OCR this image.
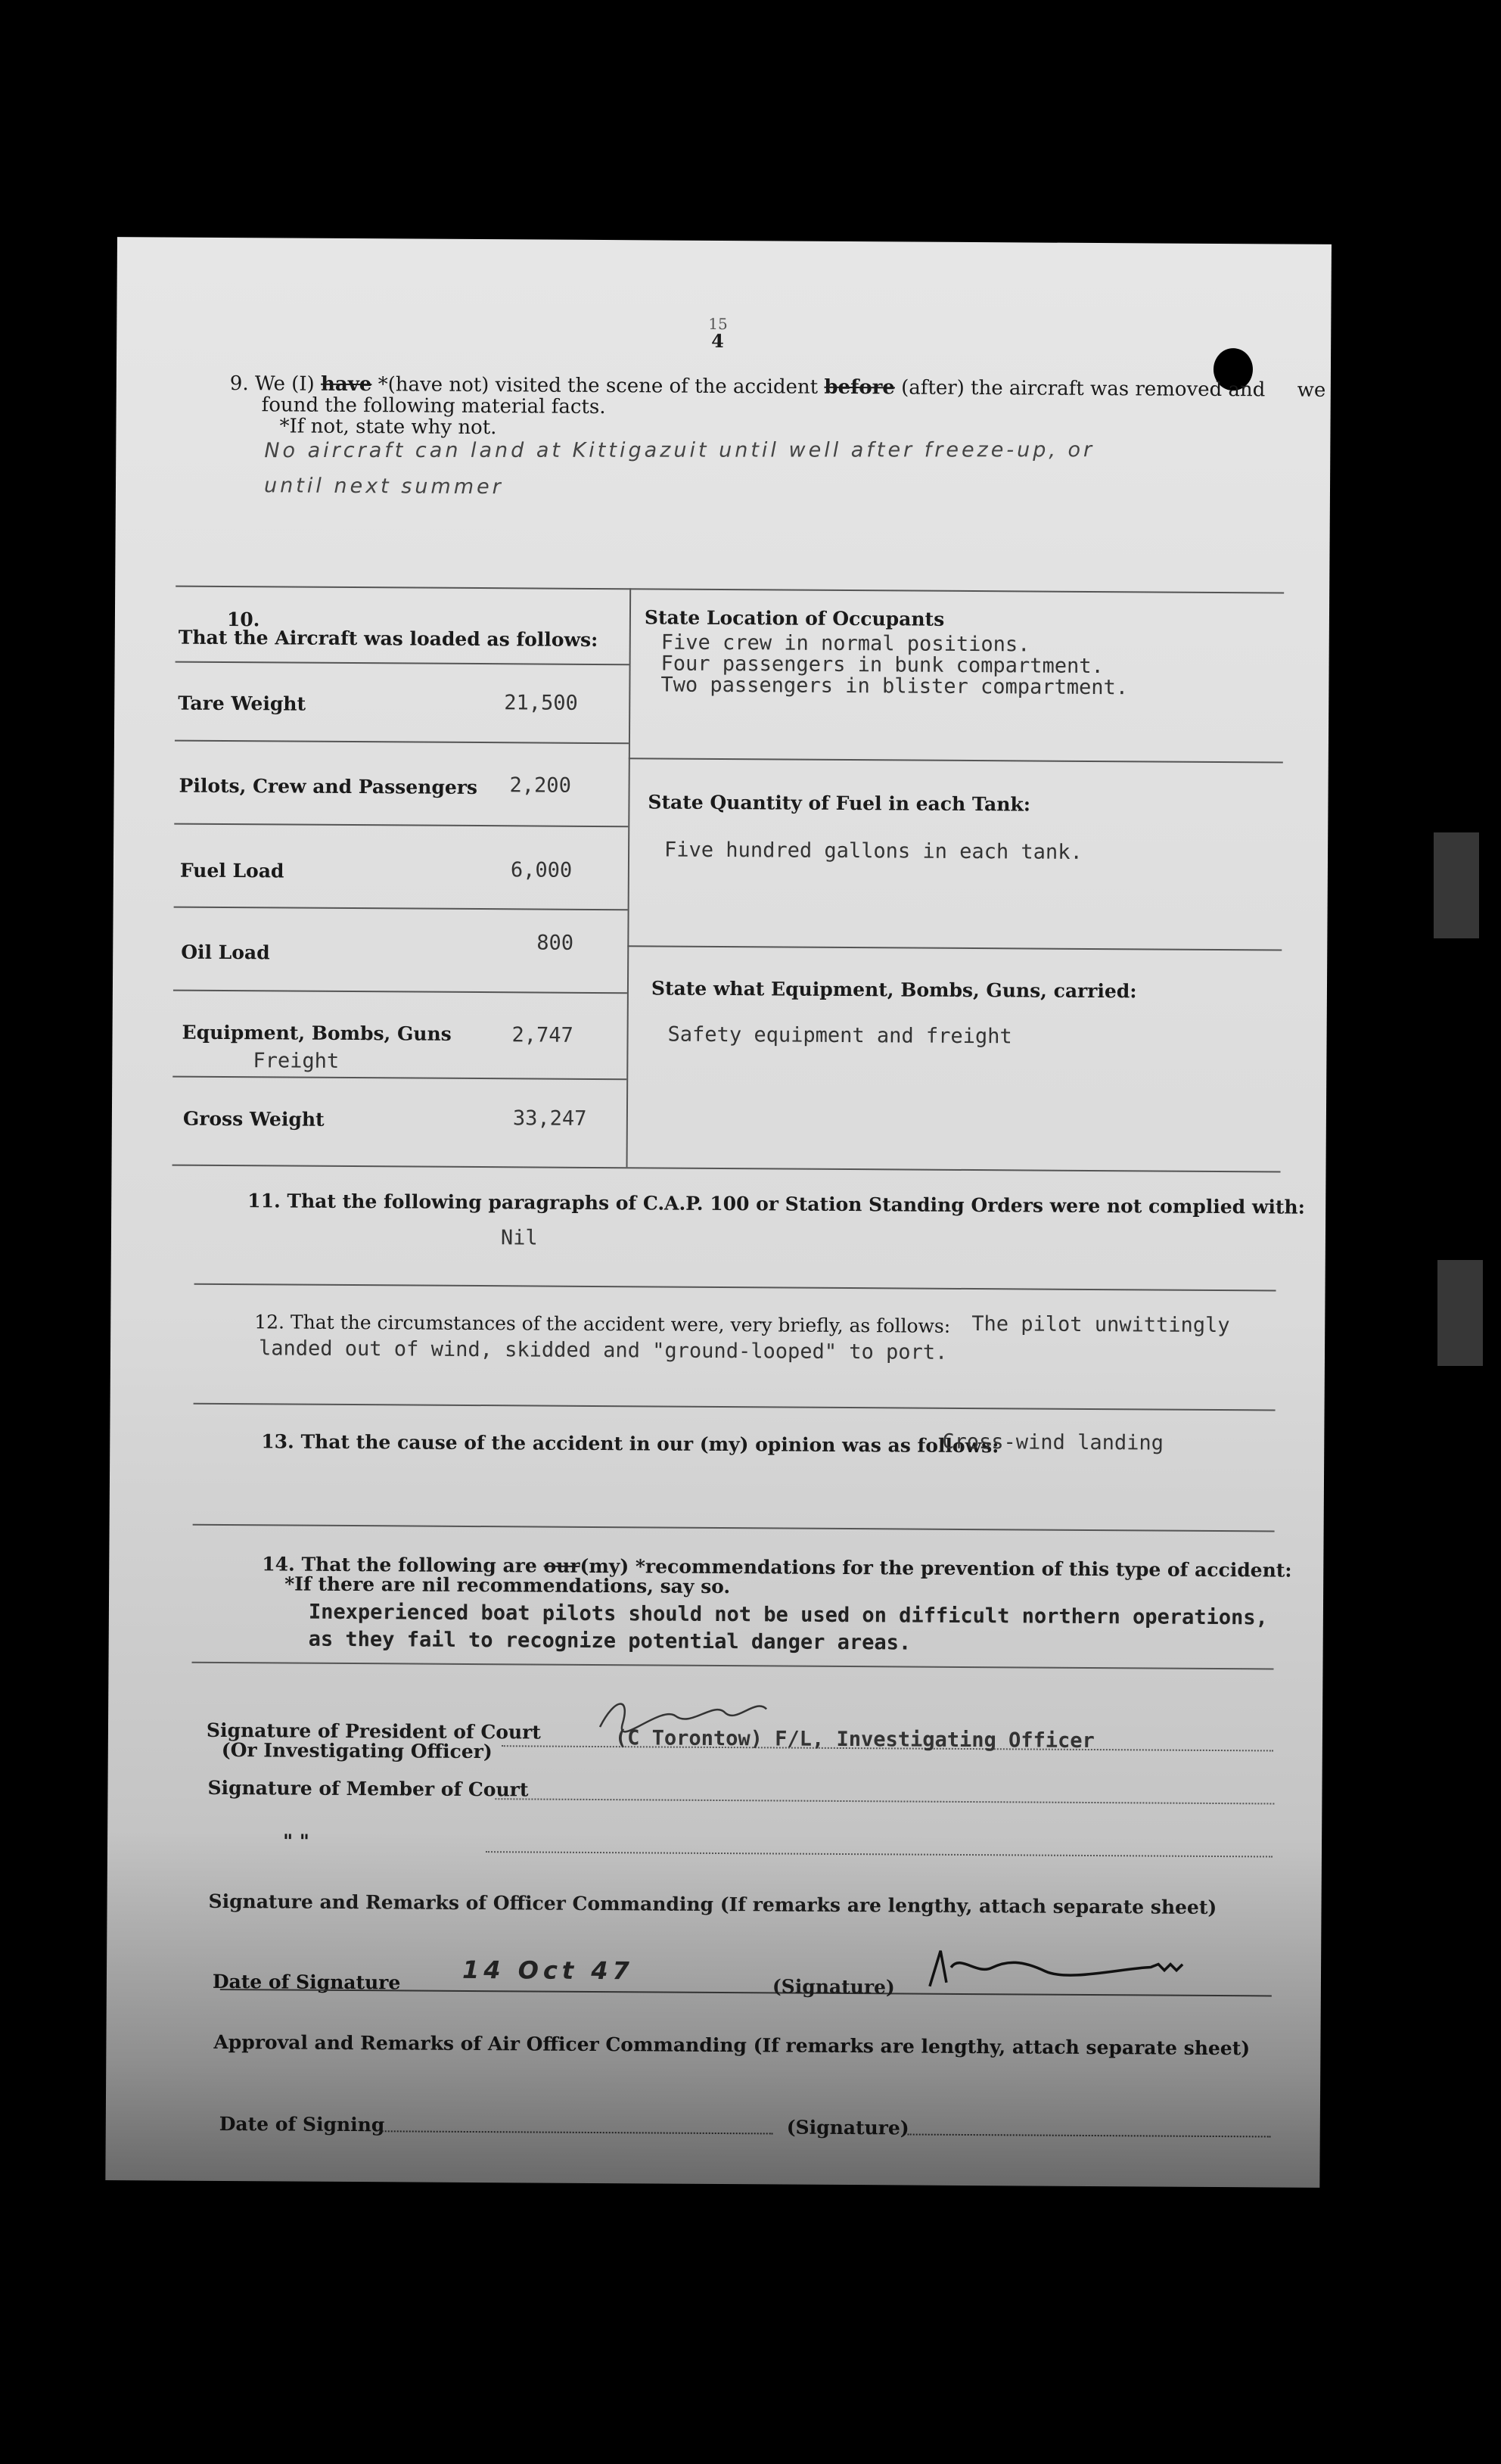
15
4
9. We (I) have *(have not) visited the scene of the accident before (after) the aircraft was removed and we
found the following material facts.
*If not, state why not.
No aircraft can land at Kittigazuit until well after freeze-up, or
until next summer
10.
That the Aircraft was loaded as follows:
Tare Weight	21,500
Pilots, Crew and Passengers 2,200
Fuel Load	6,000
Oil Load	800
Equipment, Bombs, Guns	2,747
Freight
Gross Weight	33,247
State Location of Occupants
Five crew in normal positions.
Four passengers in bunk compartment.
Two passengers in blister compartment.
State Quantity of Fuel in each Tank:
Five hundred gallons in each tank.
State what Equipment, Bombs, Guns, carried:
Safety equipment and freight
11. That the following paragraphs of C.A.P. 100 or Station Standing Orders were not complied with:
Nil
12. That the circumstances of the accident were, very briefly, as follows: The pilot unwittingly
landed out of wind, skidded and "ground-looped" to port.
13. That the cause of the accident in our (my) opinion was as follows:
Cross-wind landing
14. That the following are our(my) *recommendations for the prevention of this type of accident:
*If there are nil recommendations, say so.
Inexperienced boat pilots should not be used on difficult northern operations,
as they fail to recognize potential danger areas.
Signature of President of Court
(Or Investigating Officer)	(C Torontow) F/L, Investigating Officer
Signature of Member of Court
" "
Signature and Remarks of Officer Commanding (If remarks are lengthy, attach separate sheet)
Date of Signature	14 Oct 47
(Signature)
Approval and Remarks of Air Officer Commanding (If remarks are lengthy, attach separate sheet)
Date of Signing	(Signature)
